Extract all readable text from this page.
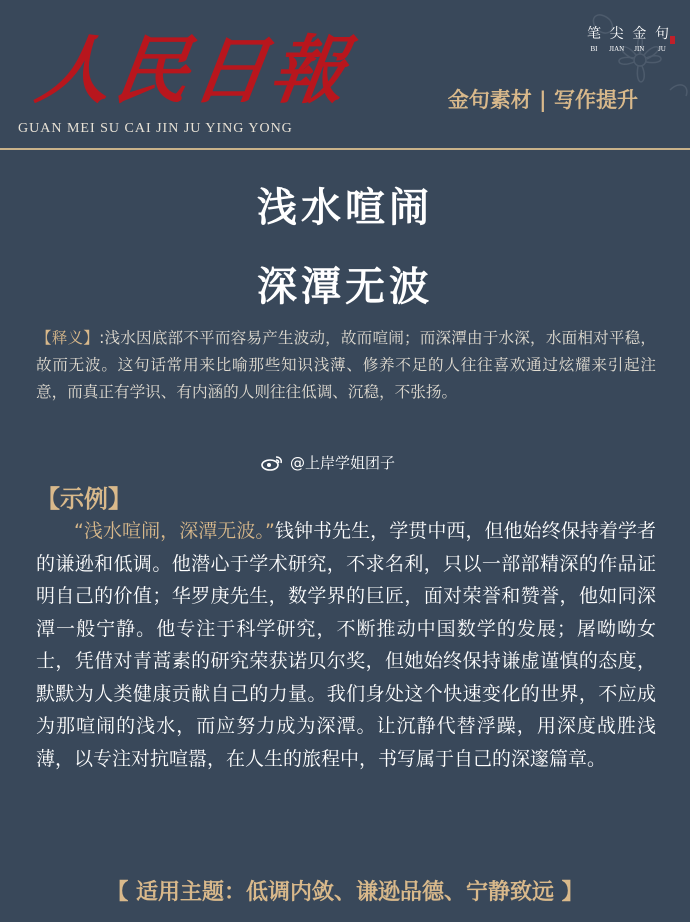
人民日報
GUAN MEI SU CAI JIN JU YING YONG
笔
BI
尖
JIAN
金
JIN
句
JU
金句素材 | 写作提升
浅水喧闹
深潭无波
【释义】:浅水因底部不平而容易产生波动，故而喧闹；而深潭由于水深，水面相对平稳，故而无波。这句话常用来比喻那些知识浅薄、修养不足的人往往喜欢通过炫耀来引起注意，而真正有学识、有内涵的人则往往低调、沉稳，不张扬。
@上岸学姐团子
【示例】
“浅水喧闹，深潭无波。”钱钟书先生，学贯中西，但他始终保持着学者的谦逊和低调。他潜心于学术研究，不求名利，只以一部部精深的作品证明自己的价值；华罗庚先生，数学界的巨匠，面对荣誉和赞誉，他如同深潭一般宁静。他专注于科学研究，不断推动中国数学的发展；屠呦呦女士，凭借对青蒿素的研究荣获诺贝尔奖，但她始终保持谦虚谨慎的态度，默默为人类健康贡献自己的力量。我们身处这个快速变化的世界，不应成为那喧闹的浅水，而应努力成为深潭。让沉静代替浮躁，用深度战胜浅薄，以专注对抗喧嚣，在人生的旅程中，书写属于自己的深邃篇章。
【 适用主题：低调内敛、谦逊品德、宁静致远 】
